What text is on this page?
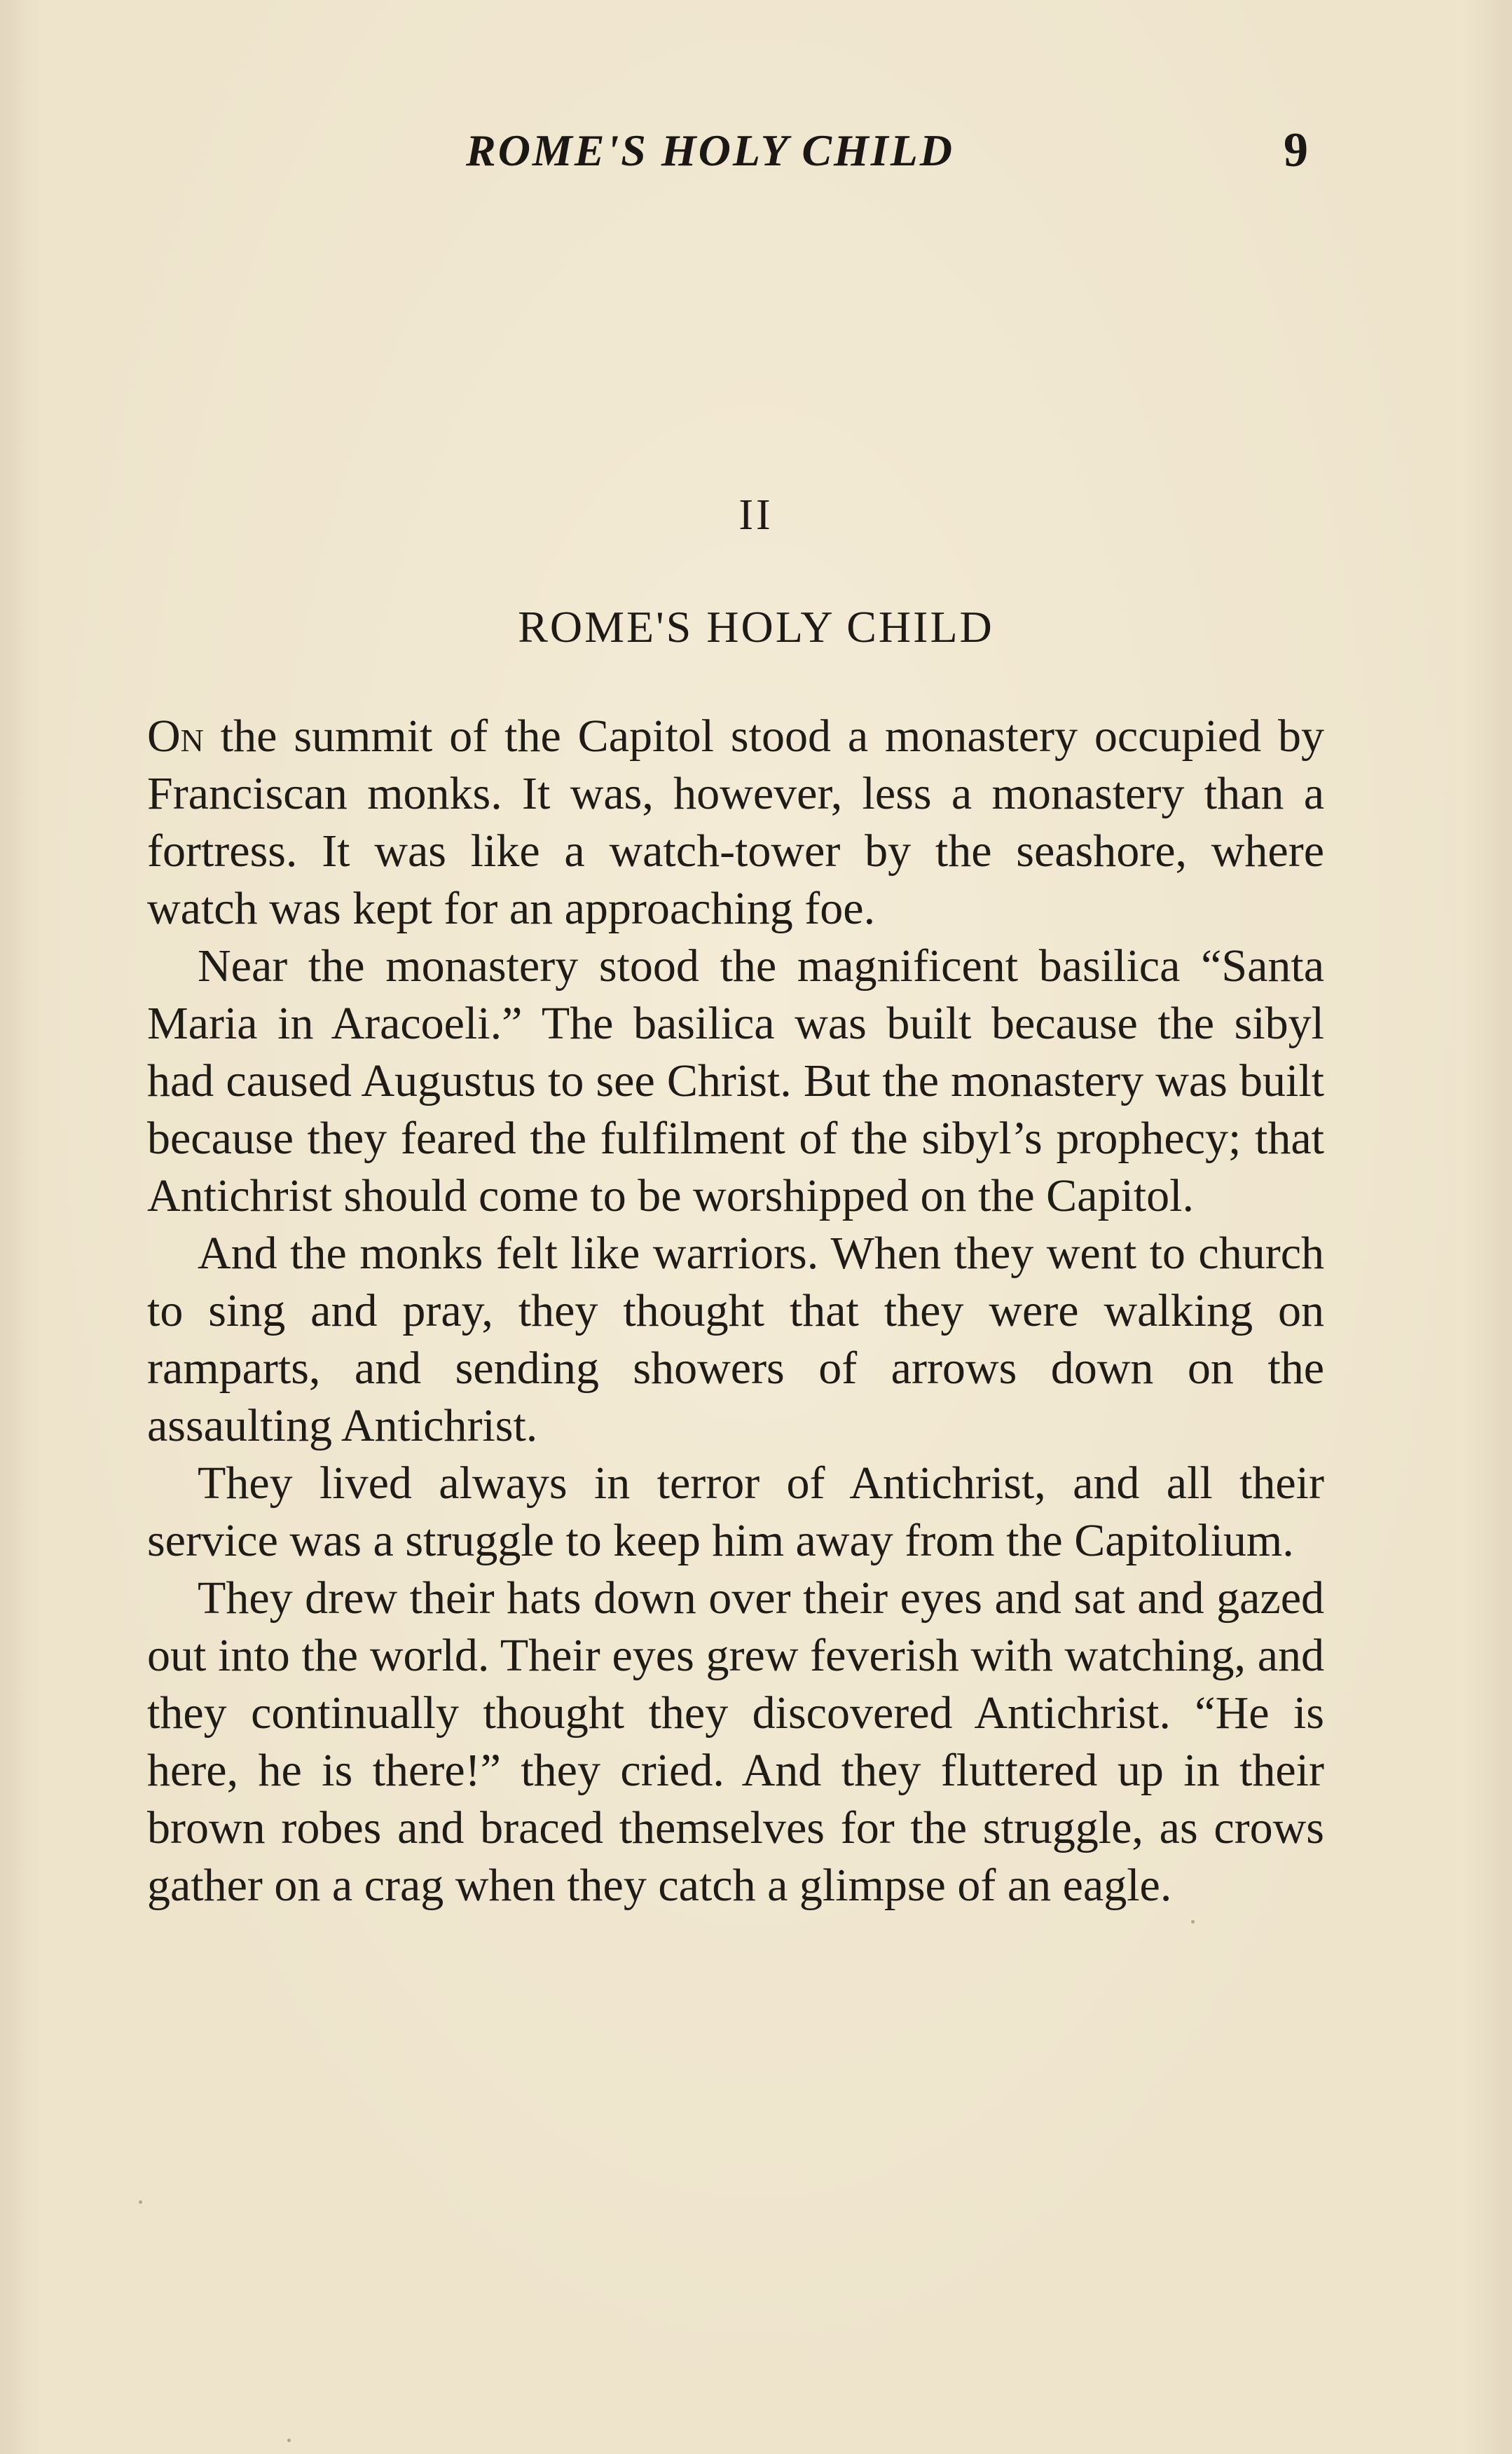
ROME'S HOLY CHILD	9
II
ROME'S HOLY CHILD

On the summit of the Capitol stood a monastery occupied by Franciscan monks. It was, however, less a monastery than a fortress. It was like a watch-tower by the seashore, where watch was kept for an approaching foe.

Near the monastery stood the magnificent basilica “Santa Maria in Aracoeli.” The basilica was built because the sibyl had caused Augustus to see Christ. But the monastery was built because they feared the fulfilment of the sibyl’s prophecy; that Antichrist should come to be worshipped on the Capitol.

And the monks felt like warriors. When they went to church to sing and pray, they thought that they were walking on ramparts, and sending showers of arrows down on the assaulting Antichrist.

They lived always in terror of Antichrist, and all their service was a struggle to keep him away from the Capitolium.

They drew their hats down over their eyes and sat and gazed out into the world. Their eyes grew feverish with watching, and they continually thought they discovered Antichrist. “He is here, he is there!” they cried. And they fluttered up in their brown robes and braced themselves for the struggle, as crows gather on a crag when they catch a glimpse of an eagle.
